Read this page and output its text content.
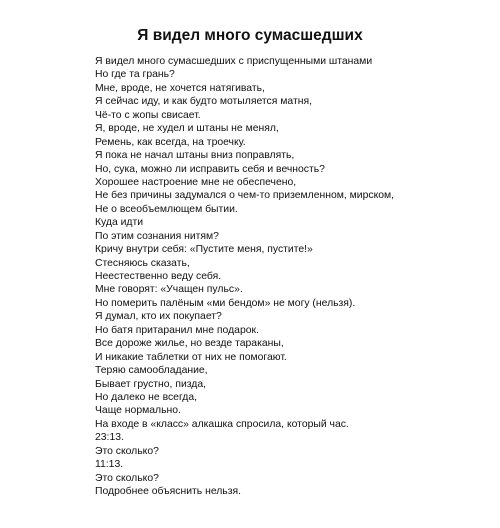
Я видел много сумасшедших
Я видел много сумасшедших с приспущенными штанами
Но где та грань?
Мне, вроде, не хочется натягивать,
Я сейчас иду, и как будто мотыляется матня,
Чё-то с жопы свисает.
Я, вроде, не худел и штаны не менял,
Ремень, как всегда, на троечку.
Я пока не начал штаны вниз поправлять,
Но, сука, можно ли исправить себя и вечность?
Хорошее настроение мне не обеспечено,
Не без причины задумался о чем-то приземленном, мирском,
Не о всеобъемлющем бытии.
Куда идти
По этим сознания нитям?
Кричу внутри себя: «Пустите меня, пустите!»
Стесняюсь сказать,
Неестественно веду себя.
Мне говорят: «Учащен пульс».
Но померить палёным «ми бендом» не могу (нельзя).
Я думал, кто их покупает?
Но батя притаранил мне подарок.
Все дороже жилье, но везде тараканы,
И никакие таблетки от них не помогают.
Теряю самообладание,
Бывает грустно, пизда,
Но далеко не всегда,
Чаще нормально.
На входе в «класс» алкашка спросила, который час.
23:13.
Это сколько?
11:13.
Это сколько?
Подробнее объяснить нельзя.
